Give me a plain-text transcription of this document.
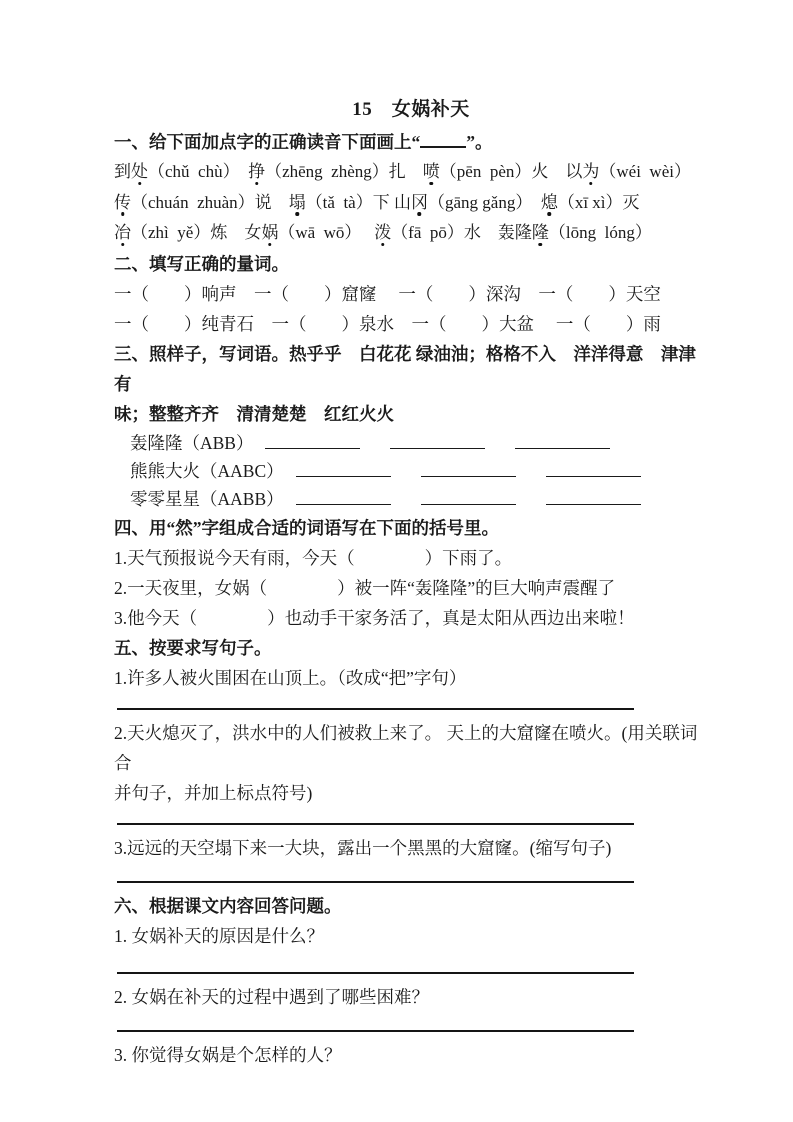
15　女娲补天
一、给下面加点字的正确读音下面画上“	”。
到处（chǔ  chù）　挣（zhēng  zhèng）扎　喷（pēn  pèn）火　以为（wéi  wèi）
传（chuán  zhuàn）说　塌（tǎ  tà）下 山冈（gāng gǎng）　熄（xī xì）灭
冶（zhì  yě）炼　女娲（wā  wō）　 泼（fā  pō）水　轰隆隆（lōng  lóng）
二、填写正确的量词。
一（　　）响声　一（　　）窟窿　 一（　　）深沟　一（　　）天空
一（　　）纯青石　一（　　）泉水　一（　　）大盆　 一（　　）雨
三、照样子，写词语。热乎乎　白花花 绿油油；格格不入　洋洋得意　津津有
味；整整齐齐　清清楚楚　红红火火
轰隆隆（ABB）
熊熊大火（AABC）
零零星星（AABB）
四、用“然”字组成合适的词语写在下面的括号里。
1.天气预报说今天有雨，今天（　　　　）下雨了。
2.一天夜里，女娲（　　　　）被一阵“轰隆隆”的巨大响声震醒了
3.他今天（　　　　）也动手干家务活了，真是太阳从西边出来啦！
五、按要求写句子。
1.许多人被火围困在山顶上。（改成“把”字句）
2.天火熄灭了，洪水中的人们被救上来了。 天上的大窟窿在喷火。(用关联词合
并句子，并加上标点符号)
3.远远的天空塌下来一大块，露出一个黑黑的大窟窿。(缩写句子)
六、根据课文内容回答问题。
1. 女娲补天的原因是什么？
2. 女娲在补天的过程中遇到了哪些困难？
3. 你觉得女娲是个怎样的人？
